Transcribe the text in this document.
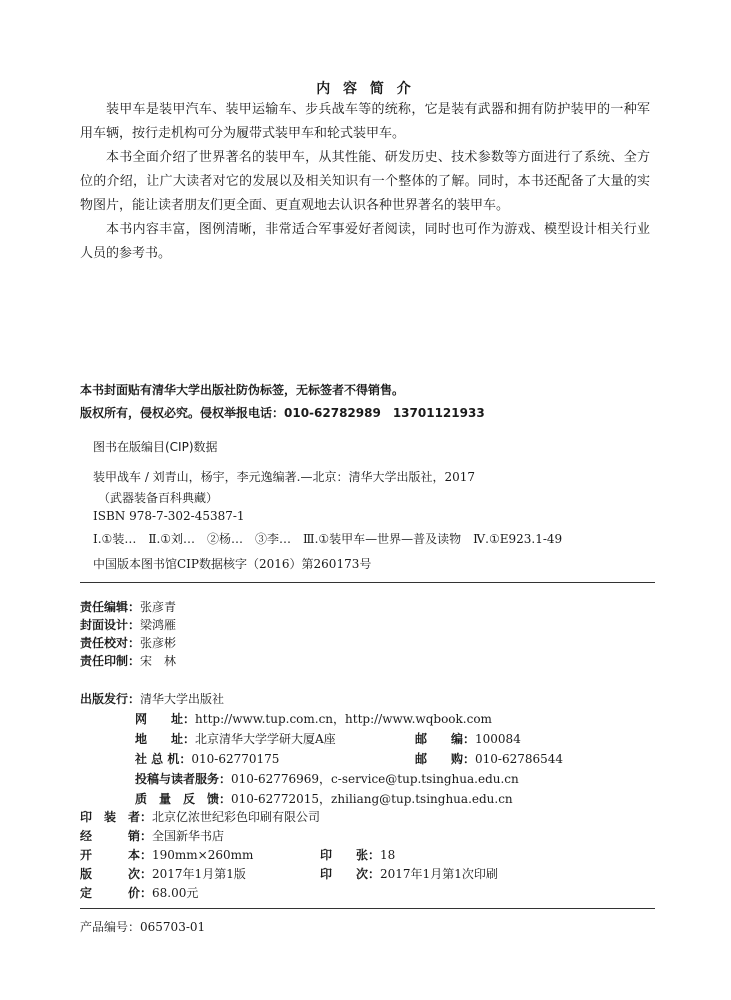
内 容 简 介

装甲车是装甲汽车、装甲运输车、步兵战车等的统称，它是装有武器和拥有防护装甲的一种军用车辆，按行走机构可分为履带式装甲车和轮式装甲车。

本书全面介绍了世界著名的装甲车，从其性能、研发历史、技术参数等方面进行了系统、全方位的介绍，让广大读者对它的发展以及相关知识有一个整体的了解。同时，本书还配备了大量的实物图片，能让读者朋友们更全面、更直观地去认识各种世界著名的装甲车。

本书内容丰富，图例清晰，非常适合军事爱好者阅读，同时也可作为游戏、模型设计相关行业人员的参考书。

本书封面贴有清华大学出版社防伪标签，无标签者不得销售。
版权所有，侵权必究。侵权举报电话：010-62782989　13701121933
图书在版编目(CIP)数据
装甲战车 / 刘青山，杨宇，李元逸编著.—北京：清华大学出版社，2017
（武器装备百科典藏）
ISBN 978-7-302-45387-1
Ⅰ.①装…　Ⅱ.①刘…　②杨…　③李…　Ⅲ.①装甲车—世界—普及读物　Ⅳ.①E923.1-49
中国版本图书馆CIP数据核字（2016）第260173号
责任编辑：张彦青
封面设计：梁鸿雁
责任校对：张彦彬
责任印制：宋　林
出版发行：清华大学出版社
网　　址：http://www.tup.com.cn，http://www.wqbook.com
地　　址：北京清华大学学研大厦A座	邮　　编：100084
社 总 机：010-62770175	邮　　购：010-62786544
投稿与读者服务：010-62776969，c-service@tup.tsinghua.edu.cn
质　量　反　馈：010-62772015，zhiliang@tup.tsinghua.edu.cn
印　装　者：北京亿浓世纪彩色印刷有限公司
经　　　销：全国新华书店
开　　　本：190mm×260mm	印　　张：18
版　　　次：2017年1月第1版	印　　次：2017年1月第1次印刷
定　　　价：68.00元
产品编号：065703-01
